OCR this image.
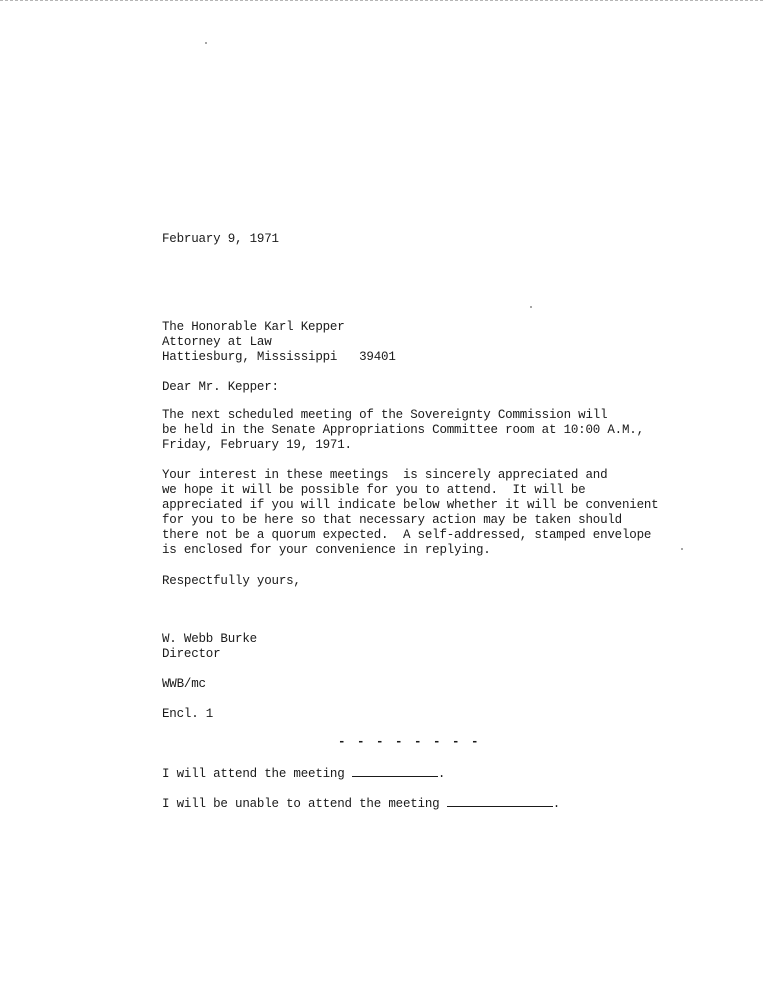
February 9, 1971
The Honorable Karl Kepper
Attorney at Law
Hattiesburg, Mississippi   39401
Dear Mr. Kepper:
The next scheduled meeting of the Sovereignty Commission will
be held in the Senate Appropriations Committee room at 10:00 A.M.,
Friday, February 19, 1971.
Your interest in these meetings  is sincerely appreciated and
we hope it will be possible for you to attend.  It will be
appreciated if you will indicate below whether it will be convenient
for you to be here so that necessary action may be taken should
there not be a quorum expected.  A self-addressed, stamped envelope
is enclosed for your convenience in replying.
Respectfully yours,
W. Webb Burke
Director
WWB/mc
Encl. 1
- - - - - - - -
I will attend the meeting	.
I will be unable to attend the meeting	.
